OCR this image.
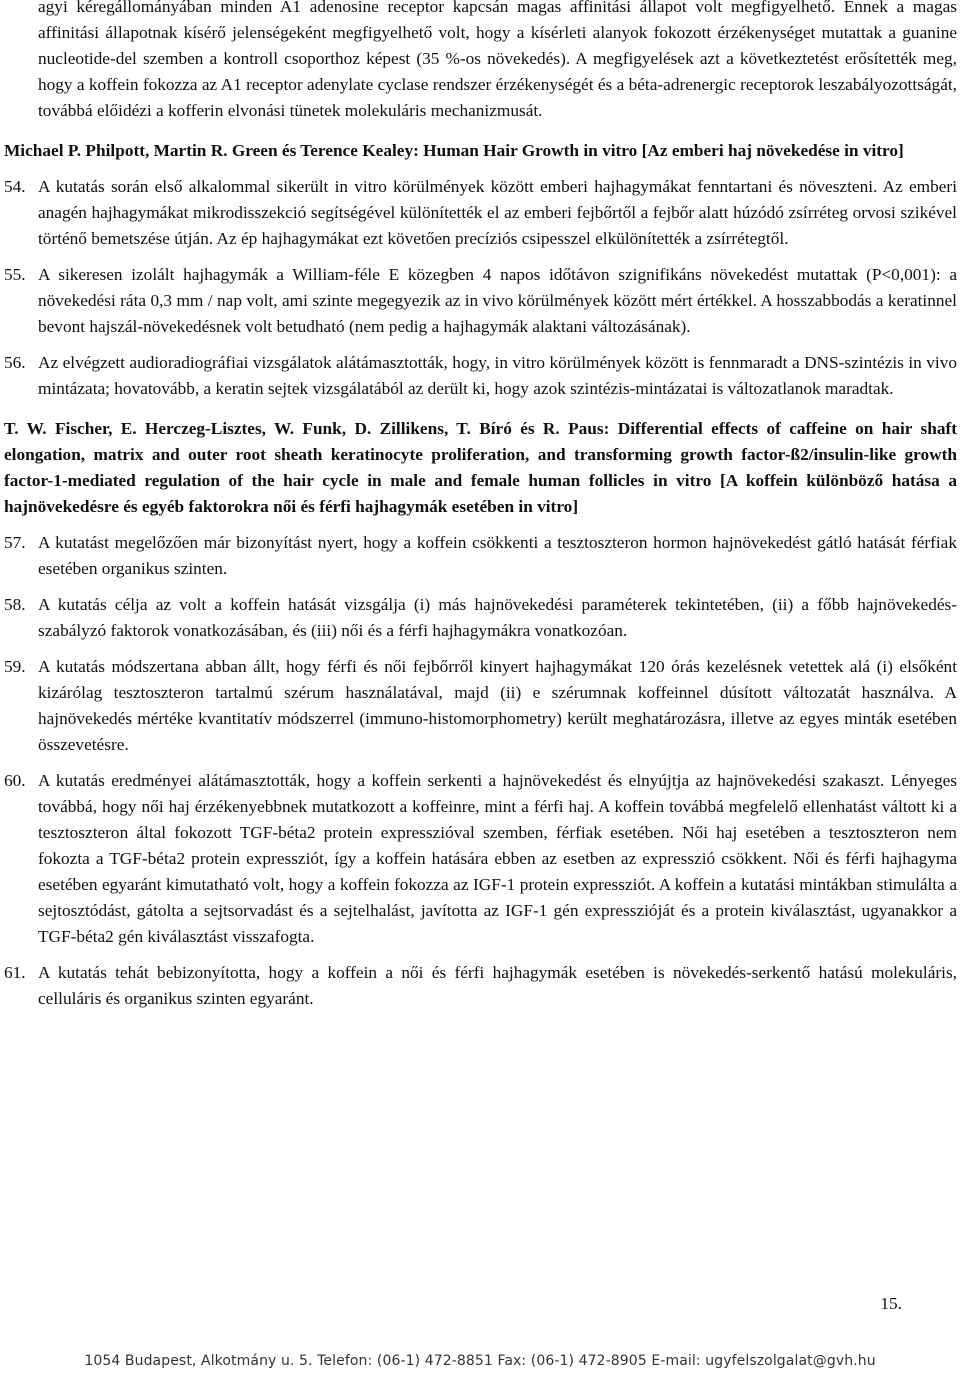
agyi kéregállományában minden A1 adenosine receptor kapcsán magas affinitási állapot volt megfigyelhető. Ennek a magas affinitási állapotnak kísérő jelenségeként megfigyelhető volt, hogy a kísérleti alanyok fokozott érzékenységet mutattak a guanine nucleotide-del szemben a kontroll csoporthoz képest (35 %-os növekedés). A megfigyelések azt a következtetést erősítették meg, hogy a koffein fokozza az A1 receptor adenylate cyclase rendszer érzékenységét és a béta-adrenergic receptorok leszabályozottságát, továbbá előidézi a kofferin elvonási tünetek molekuláris mechanizmusát.

Michael P. Philpott, Martin R. Green és Terence Kealey: Human Hair Growth in vitro [Az emberi haj növekedése in vitro]

54. A kutatás során első alkalommal sikerült in vitro körülmények között emberi hajhagymákat fenntartani és növeszteni. Az emberi anagén hajhagymákat mikrodisszekció segítségével különítették el az emberi fejbőrtől a fejbőr alatt húzódó zsírréteg orvosi szikével történő bemetszése útján. Az ép hajhagymákat ezt követően precíziós csipesszel elkülönítették a zsírrétegtől.

55. A sikeresen izolált hajhagymák a William-féle E közegben 4 napos időtávon szignifikáns növekedést mutattak (P<0,001): a növekedési ráta 0,3 mm / nap volt, ami szinte megegyezik az in vivo körülmények között mért értékkel. A hosszabbodás a keratinnel bevont hajszál-növekedésnek volt betudható (nem pedig a hajhagymák alaktani változásának).

56. Az elvégzett audioradiográfiai vizsgálatok alátámasztották, hogy, in vitro körülmények között is fennmaradt a DNS-szintézis in vivo mintázata; hovatovább, a keratin sejtek vizsgálatából az derült ki, hogy azok szintézis-mintázatai is változatlanok maradtak.

T. W. Fischer, E. Herczeg-Lisztes, W. Funk, D. Zillikens, T. Bíró és R. Paus: Differential effects of caffeine on hair shaft elongation, matrix and outer root sheath keratinocyte proliferation, and transforming growth factor-ß2/insulin-like growth factor-1-mediated regulation of the hair cycle in male and female human follicles in vitro [A koffein különböző hatása a hajnövekedésre és egyéb faktorokra női és férfi hajhagymák esetében in vitro]

57. A kutatást megelőzően már bizonyítást nyert, hogy a koffein csökkenti a tesztoszteron hormon hajnövekedést gátló hatását férfiak esetében organikus szinten.

58. A kutatás célja az volt a koffein hatását vizsgálja (i) más hajnövekedési paraméterek tekintetében, (ii) a főbb hajnövekedés-szabályzó faktorok vonatkozásában, és (iii) női és a férfi hajhagymákra vonatkozóan.

59. A kutatás módszertana abban állt, hogy férfi és női fejbőrről kinyert hajhagymákat 120 órás kezelésnek vetettek alá (i) elsőként kizárólag tesztoszteron tartalmú szérum használatával, majd (ii) e szérumnak koffeinnel dúsított változatát használva. A hajnövekedés mértéke kvantitatív módszerrel (immuno-histomorphometry) került meghatározásra, illetve az egyes minták esetében összevetésre.

60. A kutatás eredményei alátámasztották, hogy a koffein serkenti a hajnövekedést és elnyújtja az hajnövekedési szakaszt. Lényeges továbbá, hogy női haj érzékenyebbnek mutatkozott a koffeinre, mint a férfi haj. A koffein továbbá megfelelő ellenhatást váltott ki a tesztoszteron által fokozott TGF-béta2 protein expresszióval szemben, férfiak esetében. Női haj esetében a tesztoszteron nem fokozta a TGF-béta2 protein expressziót, így a koffein hatására ebben az esetben az expresszió csökkent. Női és férfi hajhagyma esetében egyaránt kimutatható volt, hogy a koffein fokozza az IGF-1 protein expressziót. A koffein a kutatási mintákban stimulálta a sejtosztódást, gátolta a sejtsorvadást és a sejtelhalást, javította az IGF-1 gén expresszióját és a protein kiválasztást, ugyanakkor a TGF-béta2 gén kiválasztást visszafogta.

61. A kutatás tehát bebizonyította, hogy a koffein a női és férfi hajhagymák esetében is növekedés-serkentő hatású molekuláris, celluláris és organikus szinten egyaránt.

15.
1054 Budapest, Alkotmány u. 5. Telefon: (06-1) 472-8851 Fax: (06-1) 472-8905 E-mail: ugyfelszolgalat@gvh.hu
